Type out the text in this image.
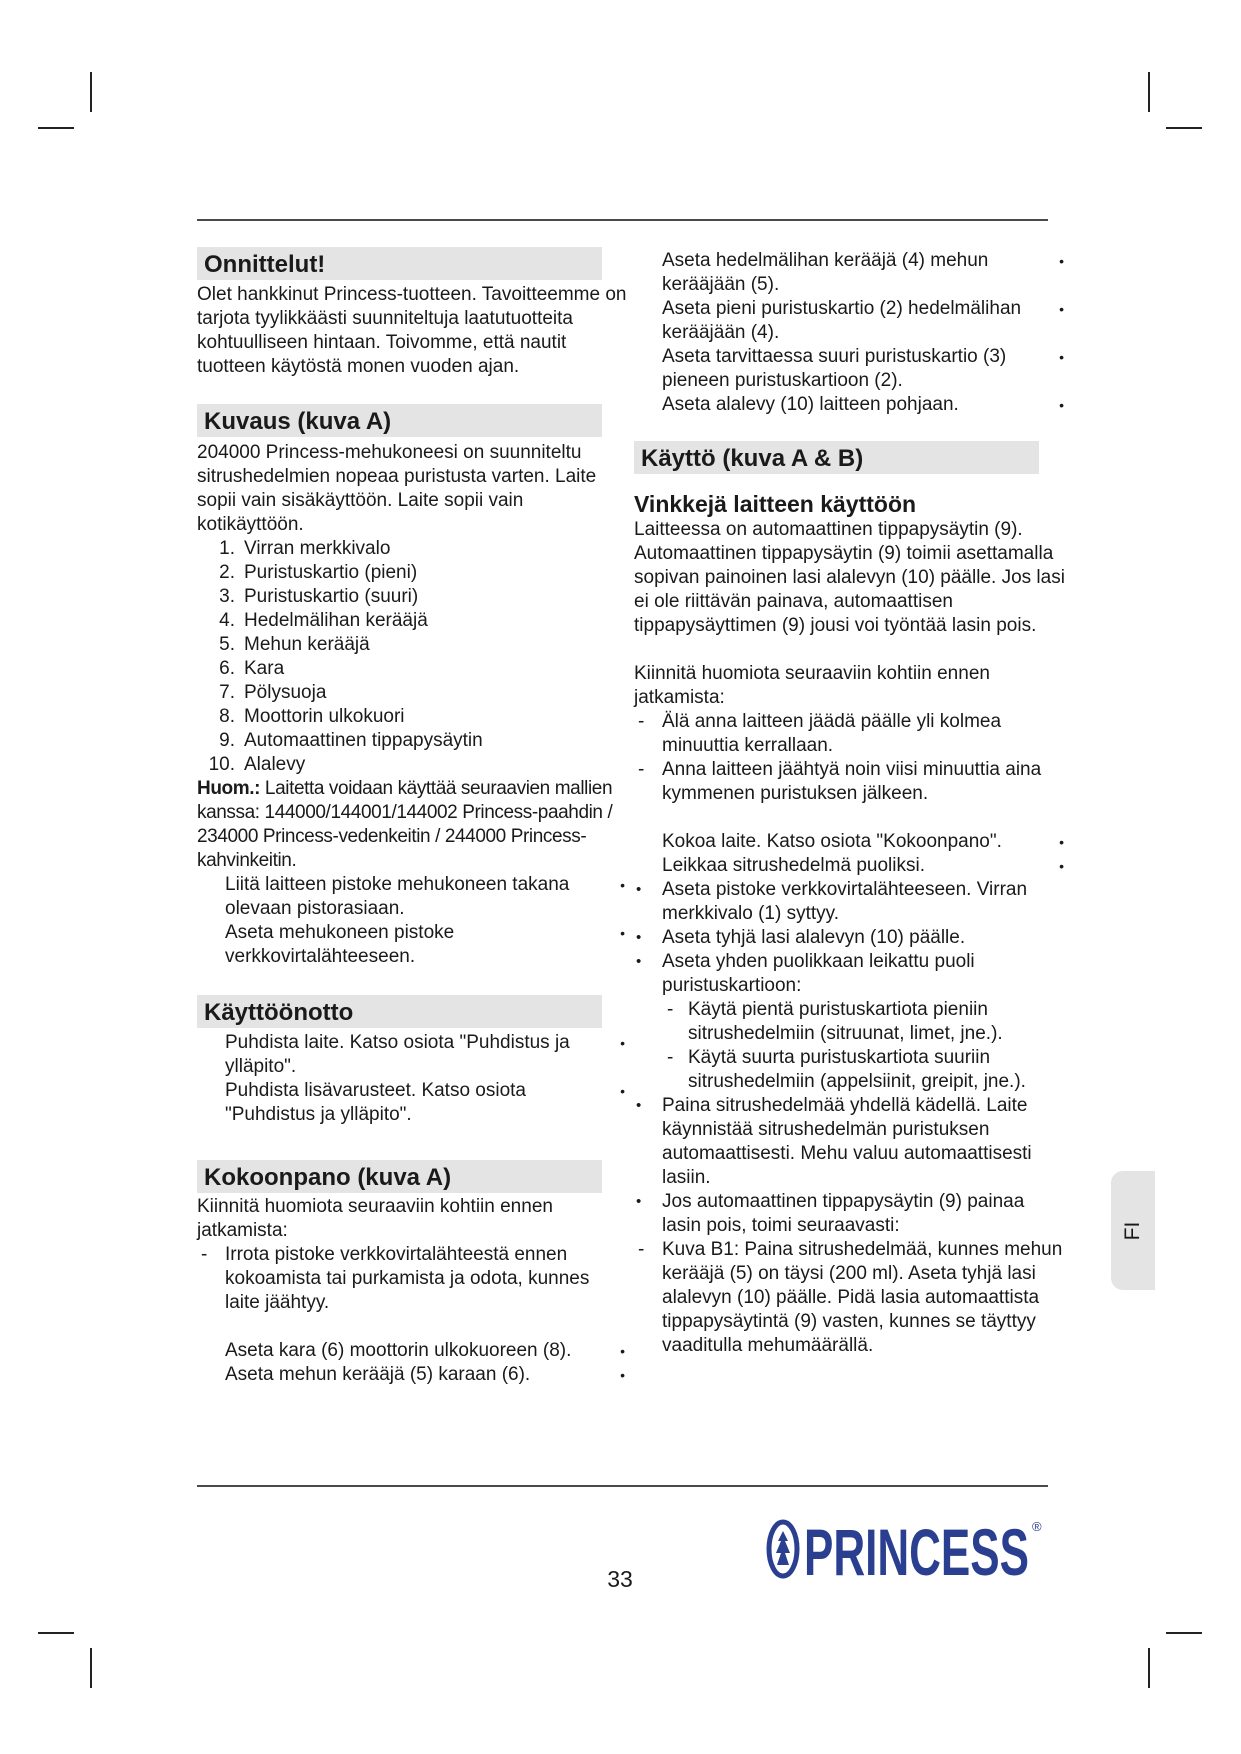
Onnittelut!

Olet hankkinut Princess-tuotteen. Tavoitteemme on tarjota tyylikkäästi suunniteltuja laatutuotteita kohtuulliseen hintaan. Toivomme, että nautit tuotteen käytöstä monen vuoden ajan.

Kuvaus (kuva A)

204000 Princess-mehukoneesi on suunniteltu sitrushedelmien nopeaa puristusta varten. Laite sopii vain sisäkäyttöön. Laite sopii vain kotikäyttöön.

1. Virran merkkivalo
2. Puristuskartio (pieni)
3. Puristuskartio (suuri)
4. Hedelmälihan kerääjä
5. Mehun kerääjä
6. Kara
7. Pölysuoja
8. Moottorin ulkokuori
9. Automaattinen tippapysäytin
10. Alalevy

Huom.: Laitetta voidaan käyttää seuraavien mallien kanssa: 144000/144001/144002 Princess-paahdin / 234000 Princess-vedenkeitin / 244000 Princess-kahvinkeitin.

Liitä laitteen pistoke mehukoneen takana olevaan pistorasiaan. •

Aseta mehukoneen pistoke verkkovirtalähteeseen. •

Käyttöönotto

Puhdista laite. Katso osiota "Puhdistus ja ylläpito". •

Puhdista lisävarusteet. Katso osiota "Puhdistus ja ylläpito". •

Kokoonpano (kuva A)

Kiinnitä huomiota seuraaviin kohtiin ennen jatkamista:

- Irrota pistoke verkkovirtalähteestä ennen kokoamista tai purkamista ja odota, kunnes laite jäähtyy.

Aseta kara (6) moottorin ulkokuoreen (8). •

Aseta mehun kerääjä (5) karaan (6). •

Aseta hedelmälihan kerääjä (4) mehun kerääjään (5). •

Aseta pieni puristuskartio (2) hedelmälihan kerääjään (4). •

Aseta tarvittaessa suuri puristuskartio (3) pieneen puristuskartioon (2). •

Aseta alalevy (10) laitteen pohjaan. •

Käyttö (kuva A & B)
Vinkkejä laitteen käyttöön

Laitteessa on automaattinen tippapysäytin (9). Automaattinen tippapysäytin (9) toimii asettamalla sopivan painoinen lasi alalevyn (10) päälle. Jos lasi ei ole riittävän painava, automaattisen tippapysäyttimen (9) jousi voi työntää lasin pois.

Kiinnitä huomiota seuraaviin kohtiin ennen jatkamista:

- Älä anna laitteen jäädä päälle yli kolmea minuuttia kerrallaan.

- Anna laitteen jäähtyä noin viisi minuuttia aina kymmenen puristuksen jälkeen.

Kokoa laite. Katso osiota "Kokoonpano". •

Leikkaa sitrushedelmä puoliksi. •

• Aseta pistoke verkkovirtalähteeseen. Virran merkkivalo (1) syttyy.

• Aseta tyhjä lasi alalevyn (10) päälle.

• Aseta yhden puolikkaan leikattu puoli puristuskartioon:

- Käytä pientä puristuskartiota pieniin sitrushedelmiin (sitruunat, limet, jne.).

- Käytä suurta puristuskartiota suuriin sitrushedelmiin (appelsiinit, greipit, jne.).

• Paina sitrushedelmää yhdellä kädellä. Laite käynnistää sitrushedelmän puristuksen automaattisesti. Mehu valuu automaattisesti lasiin.

• Jos automaattinen tippapysäytin (9) painaa lasin pois, toimi seuraavasti:

- Kuva B1: Paina sitrushedelmää, kunnes mehun kerääjä (5) on täysi (200 ml). Aseta tyhjä lasi alalevyn (10) päälle. Pidä lasia automaattista tippapysäytintä (9) vasten, kunnes se täyttyy vaaditulla mehumäärällä.

FI
33	PRINCESS ®
